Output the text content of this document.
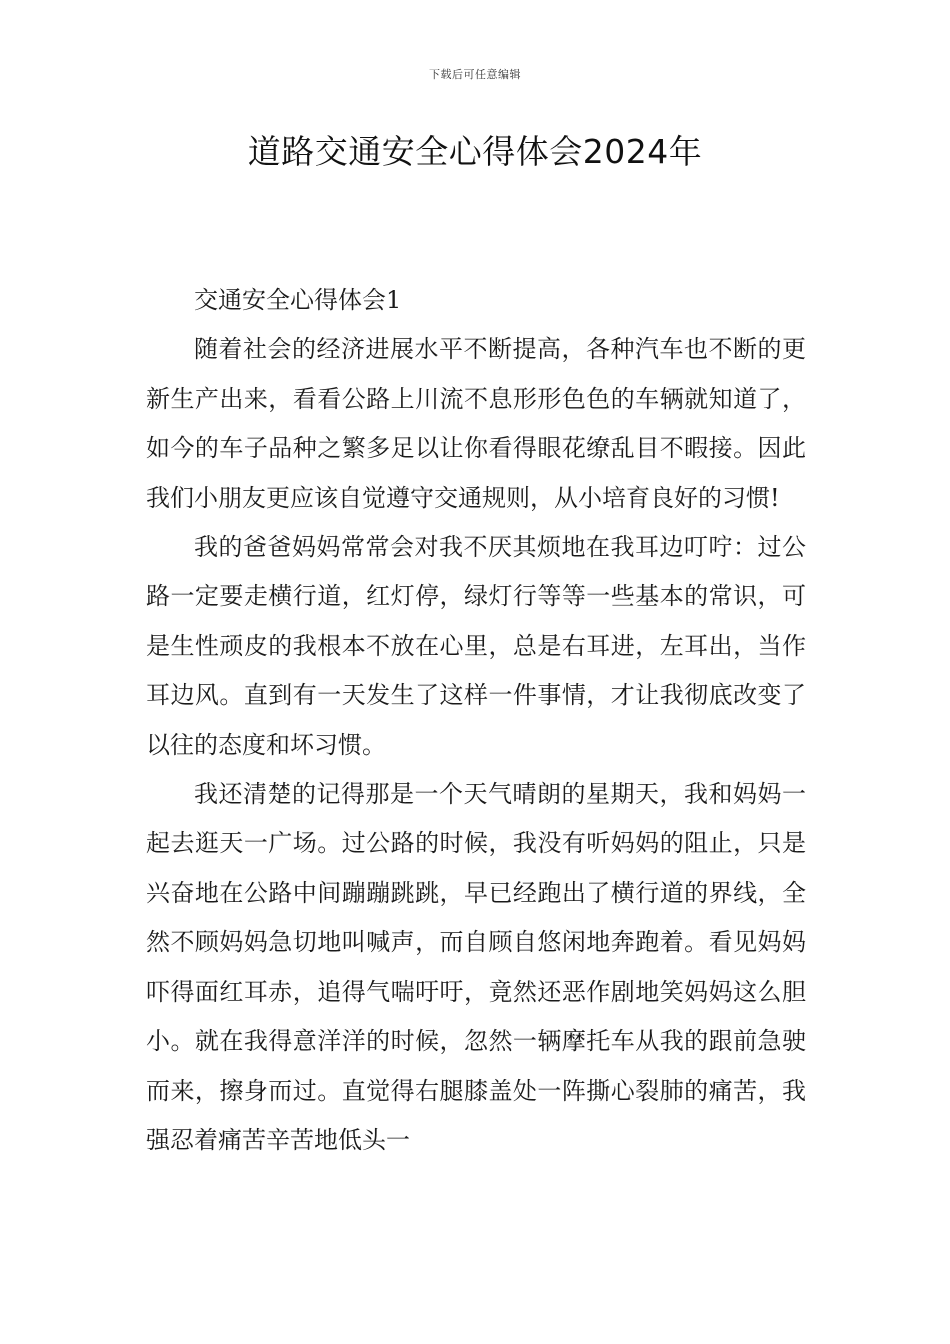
下载后可任意编辑
道路交通安全心得体会2024年

交通安全心得体会1

随着社会的经济进展水平不断提高，各种汽车也不断的更新生产出来，看看公路上川流不息形形色色的车辆就知道了，如今的车子品种之繁多足以让你看得眼花缭乱目不暇接。因此我们小朋友更应该自觉遵守交通规则，从小培育良好的习惯!

我的爸爸妈妈常常会对我不厌其烦地在我耳边叮咛：过公路一定要走横行道，红灯停，绿灯行等等一些基本的常识，可是生性顽皮的我根本不放在心里，总是右耳进，左耳出，当作耳边风。直到有一天发生了这样一件事情，才让我彻底改变了以往的态度和坏习惯。

我还清楚的记得那是一个天气晴朗的星期天，我和妈妈一起去逛天一广场。过公路的时候，我没有听妈妈的阻止，只是兴奋地在公路中间蹦蹦跳跳，早已经跑出了横行道的界线，全然不顾妈妈急切地叫喊声，而自顾自悠闲地奔跑着。看见妈妈吓得面红耳赤，追得气喘吁吁，竟然还恶作剧地笑妈妈这么胆小。就在我得意洋洋的时候，忽然一辆摩托车从我的跟前急驶而来，擦身而过。直觉得右腿膝盖处一阵撕心裂肺的痛苦，我强忍着痛苦辛苦地低头一
